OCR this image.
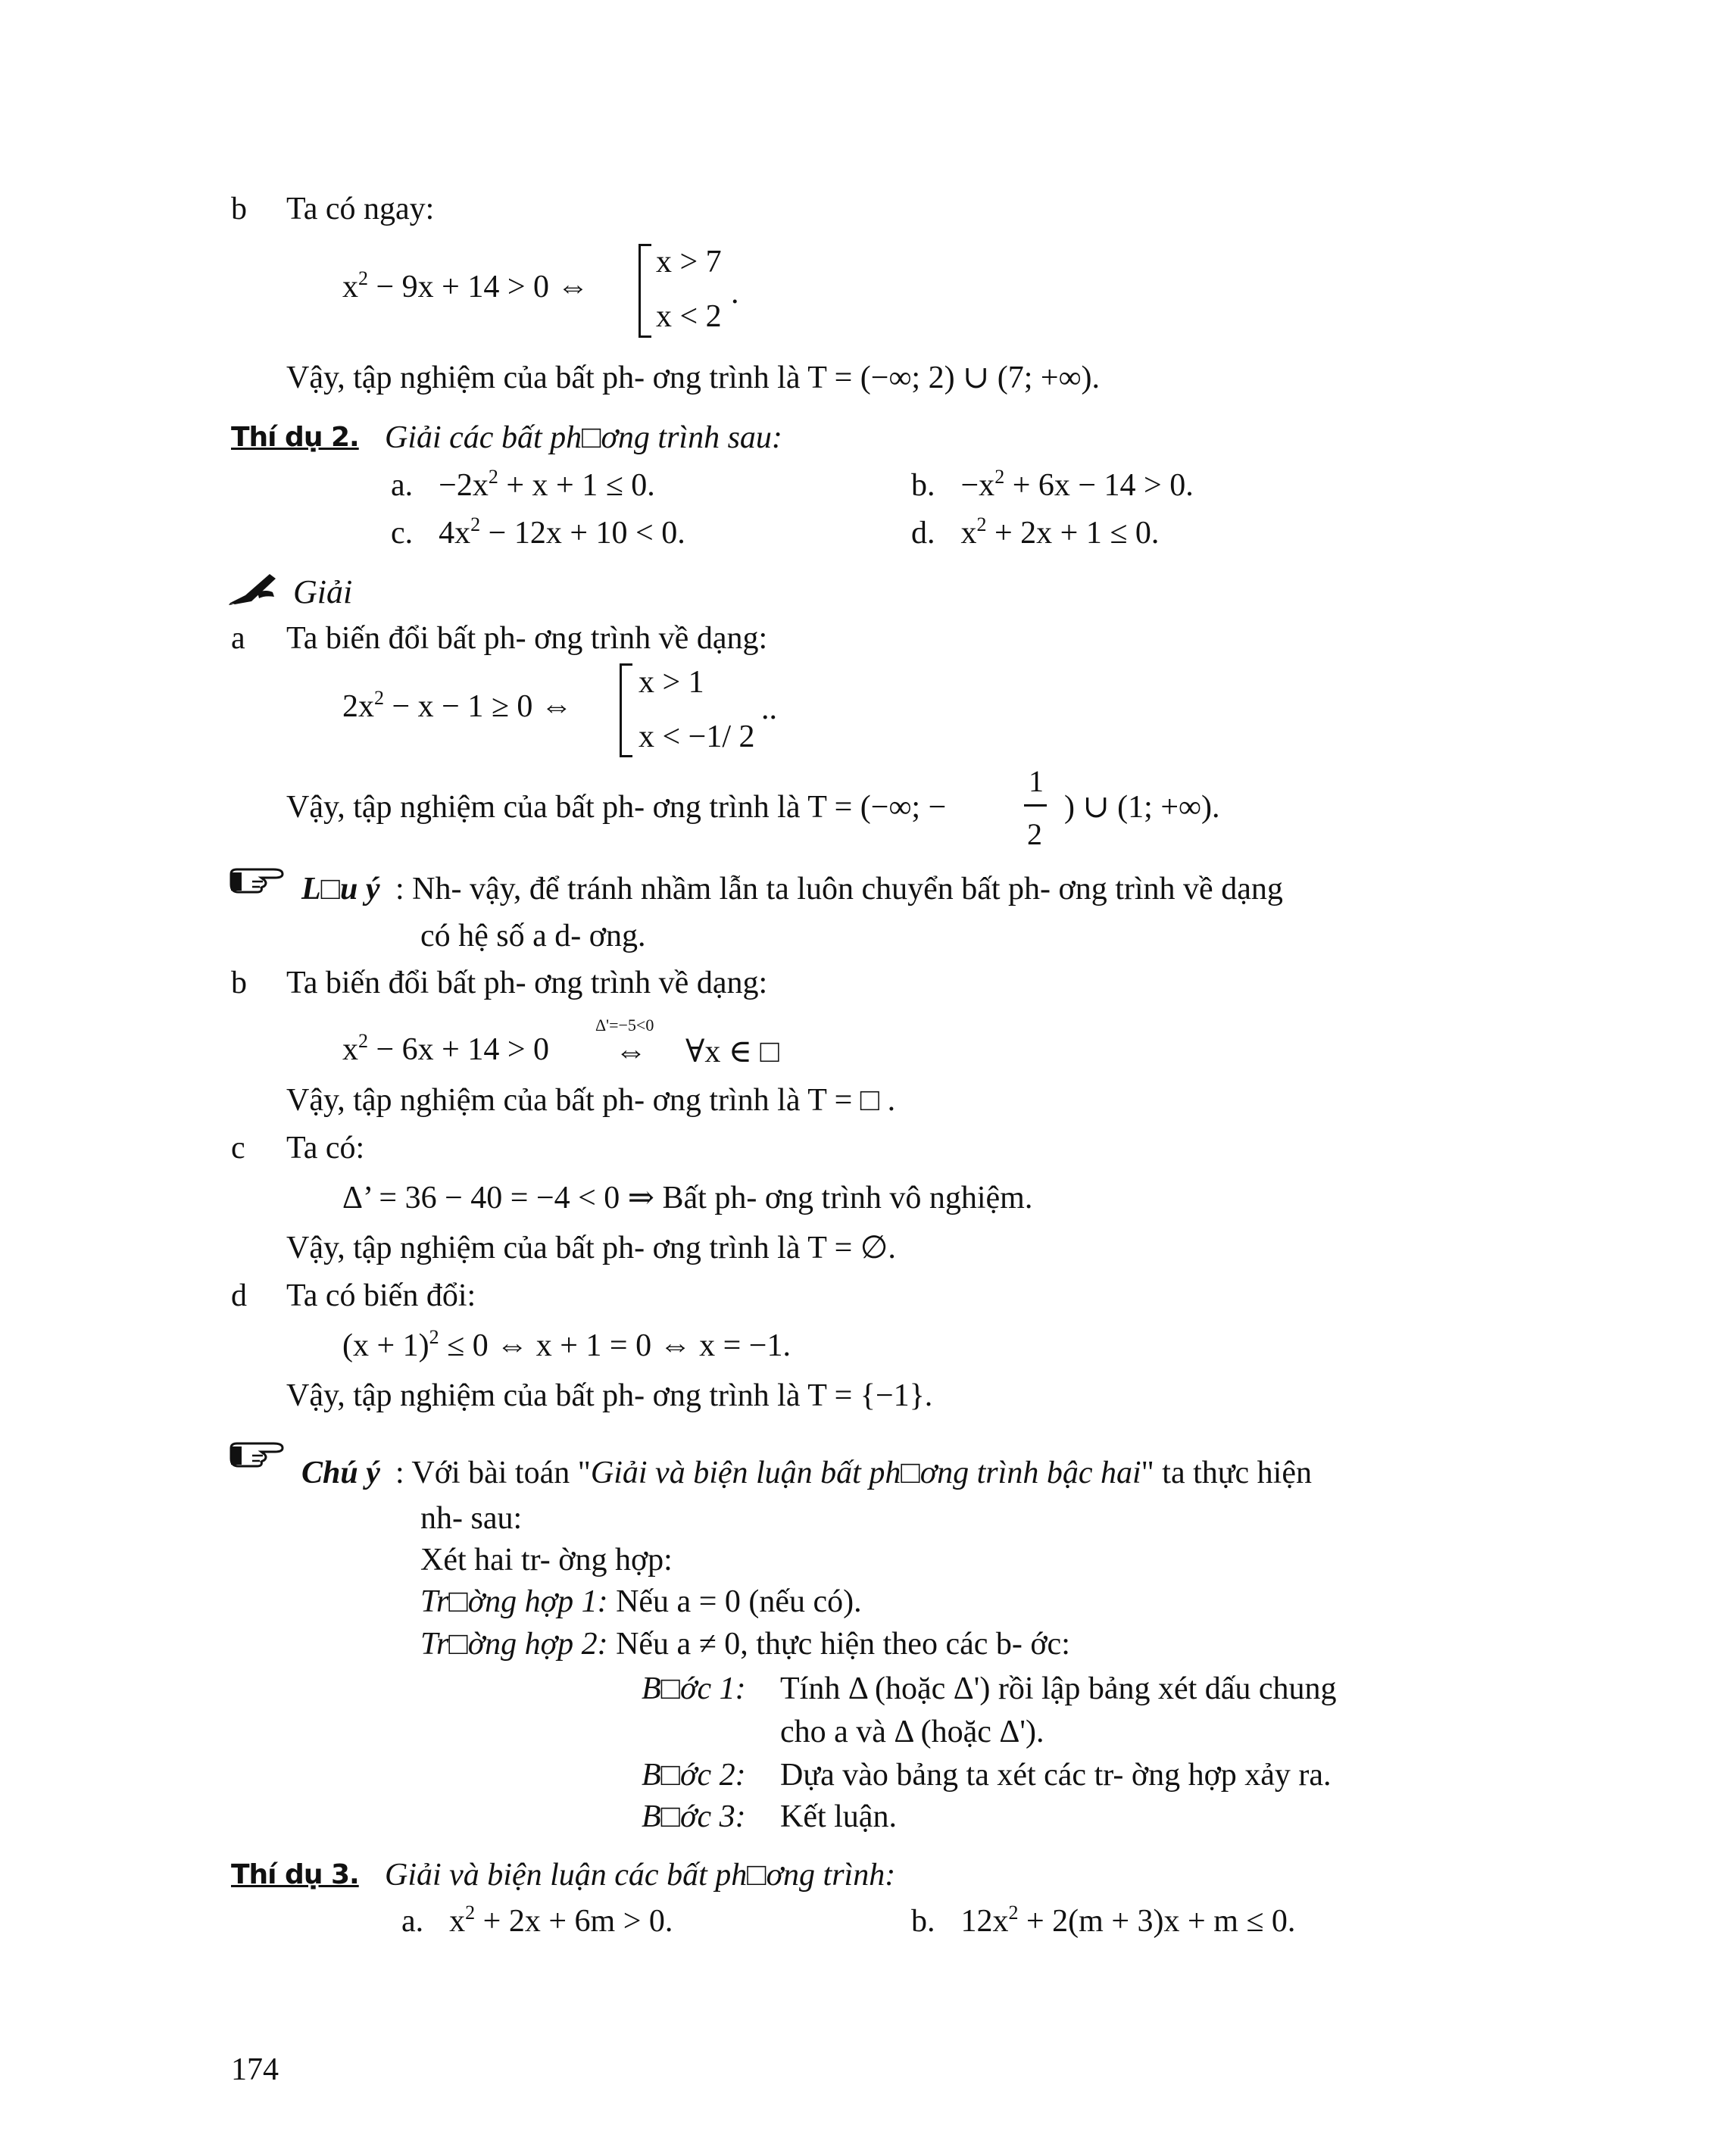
b Ta có ngay:
$x^2 - 9x + 14 > 0$ ⇔
x > 7
x < 2
.
Vậy, tập nghiệm của bất ph- ơng trình là T = (−∞; 2) ∪ (7; +∞).
Thí dụ 2. Giải các bất ph□ơng trình sau:
a. $-2x^2 + x + 1 \le 0$.	b. $-x^2 + 6x - 14 > 0$.
c. $4x^2 - 12x + 10 < 0$.	d. $x^2 + 2x + 1 \le 0$.
Giải
a Ta biến đổi bất ph- ơng trình về dạng:
$2x^2 - x - 1 \ge 0$ ⇔
x > 1
x < −1/ 2
..
Vậy, tập nghiệm của bất ph- ơng trình là T = (−∞; −
1
2
) ∪ (1; +∞).
L□u ý : Nh- vậy, để tránh nhầm lẫn ta luôn chuyển bất ph- ơng trình về dạng
có hệ số a d- ơng.
b Ta biến đổi bất ph- ơng trình về dạng:
$x^2 - 6x + 14 > 0$
Δ'=−5<0
⇔ ∀x ∈ □
Vậy, tập nghiệm của bất ph- ơng trình là T = □ .
c Ta có:
Δ’ = 36 − 40 = −4 < 0 ⇒ Bất ph- ơng trình vô nghiệm.
Vậy, tập nghiệm của bất ph- ơng trình là T = ∅.
d Ta có biến đổi:
$(x + 1)^2 \le 0$ ⇔ x + 1 = 0 ⇔ x = −1.
Vậy, tập nghiệm của bất ph- ơng trình là T = {−1}.
Chú ý : Với bài toán "Giải và biện luận bất ph□ơng trình bậc hai" ta thực hiện
nh- sau:
Xét hai tr- ờng hợp:
Tr□ờng hợp 1: Nếu a = 0 (nếu có).
Tr□ờng hợp 2: Nếu a ≠ 0, thực hiện theo các b- ớc:
B□ớc 1: Tính Δ (hoặc Δ') rồi lập bảng xét dấu chung
cho a và Δ (hoặc Δ').
B□ớc 2: Dựa vào bảng ta xét các tr- ờng hợp xảy ra.
B□ớc 3: Kết luận.
Thí dụ 3. Giải và biện luận các bất ph□ơng trình:
a. $x^2 + 2x + 6m > 0$.	b. $12x^2 + 2(m + 3)x + m \le 0$.
174
